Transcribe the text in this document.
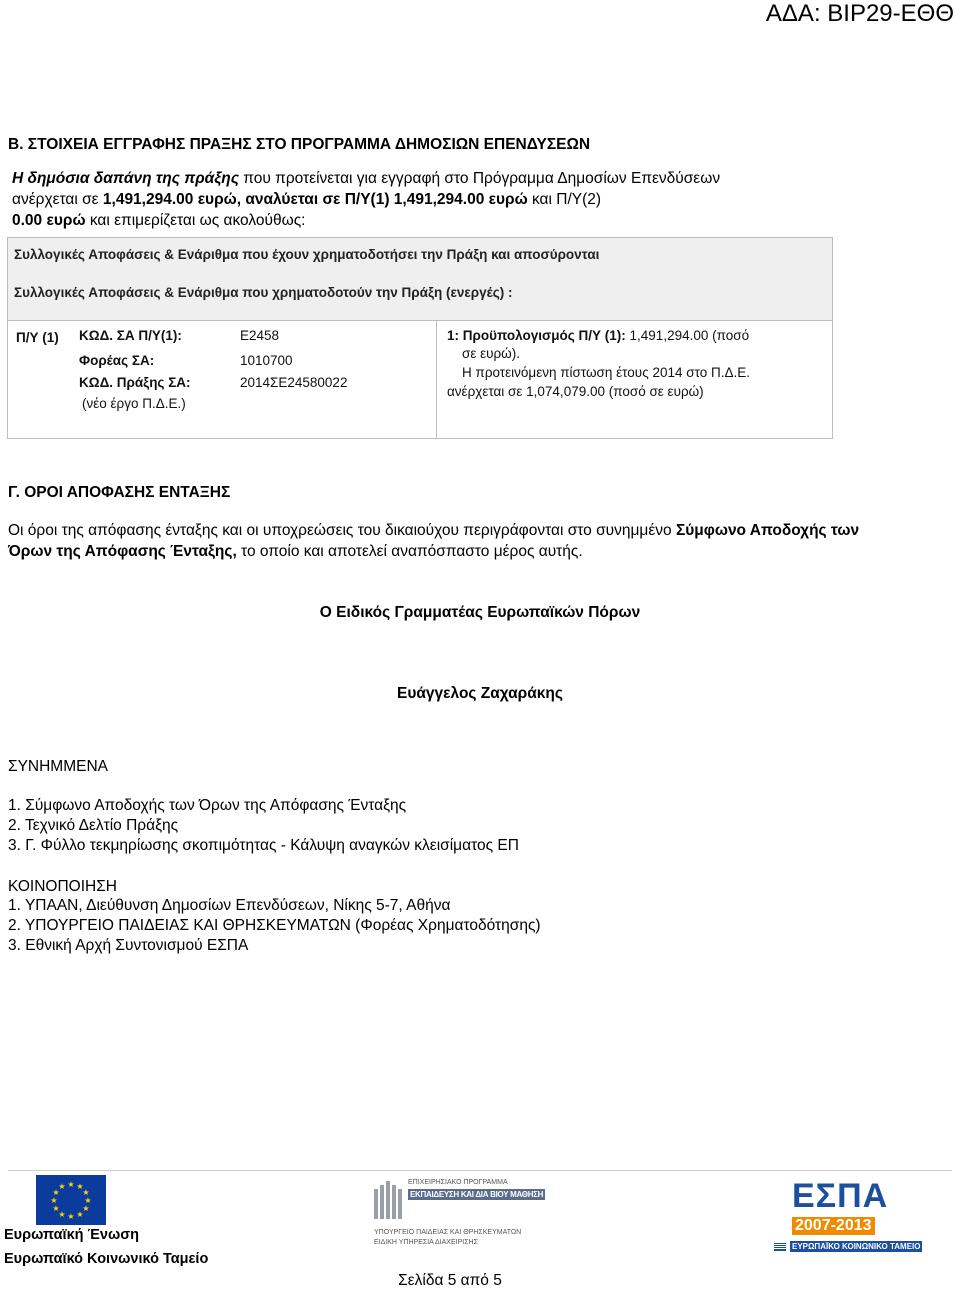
ΑΔΑ: ΒΙΡ29-ΕΘΘ
Β. ΣΤΟΙΧΕΙΑ ΕΓΓΡΑΦΗΣ ΠΡΑΞΗΣ ΣΤΟ ΠΡΟΓΡΑΜΜΑ ΔΗΜΟΣΙΩΝ ΕΠΕΝΔΥΣΕΩΝ

Η δημόσια δαπάνη της πράξης που προτείνεται για εγγραφή στο Πρόγραμμα Δημοσίων Επενδύσεων

ανέρχεται σε 1,491,294.00 ευρώ, αναλύεται σε Π/Υ(1) 1,491,294.00 ευρώ και Π/Υ(2)

0.00 ευρώ και επιμερίζεται ως ακολούθως:

Συλλογικές Αποφάσεις & Ενάριθμα που έχουν χρηματοδοτήσει την Πράξη και αποσύρονται
Συλλογικές Αποφάσεις & Ενάριθμα που χρηματοδοτούν την Πράξη (ενεργές) :
Π/Υ (1) ΚΩΔ. ΣΑ Π/Υ(1):	Ε2458
Φορέας ΣΑ:	1010700
ΚΩΔ. Πράξης ΣΑ:	2014ΣΕ24580022
(νέο έργο Π.Δ.Ε.)
1: Προϋπολογισμός Π/Υ (1): 1,491,294.00 (ποσό
σε ευρώ).
Η προτεινόμενη πίστωση έτους 2014 στο Π.Δ.Ε.
ανέρχεται σε 1,074,079.00 (ποσό σε ευρώ)
Γ. ΟΡΟΙ ΑΠΟΦΑΣΗΣ ΕΝΤΑΞΗΣ

Οι όροι της απόφασης ένταξης και οι υποχρεώσεις του δικαιούχου περιγράφονται στο συνημμένο Σύμφωνο Αποδοχής των

Όρων της Απόφασης Ένταξης, το οποίο και αποτελεί αναπόσπαστο μέρος αυτής.

Ο Ειδικός Γραμματέας Ευρωπαϊκών Πόρων
Ευάγγελος Ζαχαράκης
ΣΥΝΗΜΜΕΝΑ

1. Σύμφωνο Αποδοχής των Όρων της Απόφασης Ένταξης

2. Τεχνικό Δελτίο Πράξης

3. Γ. Φύλλο τεκμηρίωσης σκοπιμότητας - Κάλυψη αναγκών κλεισίματος ΕΠ

ΚΟΙΝΟΠΟΙΗΣΗ

1. ΥΠΑΑΝ, Διεύθυνση Δημοσίων Επενδύσεων, Νίκης 5-7, Αθήνα

2. ΥΠΟΥΡΓΕΙΟ ΠΑΙΔΕΙΑΣ ΚΑΙ ΘΡΗΣΚΕΥΜΑΤΩΝ (Φορέας Χρηματοδότησης)

3. Εθνική Αρχή Συντονισμού ΕΣΠΑ

★ ★
★
★
★
★
★
★
★
★
★
★
Ευρωπαϊκή Ένωση
Ευρωπαϊκό Κοινωνικό Ταμείο
ΕΠΙΧΕΙΡΗΣΙΑΚΟ ΠΡΟΓΡΑΜΜΑ
ΕΚΠΑΙΔΕΥΣΗ ΚΑΙ ΔΙΑ ΒΙΟΥ ΜΑΘΗΣΗ
ΥΠΟΥΡΓΕΙΟ ΠΑΙΔΕΙΑΣ ΚΑΙ ΘΡΗΣΚΕΥΜΑΤΩΝ
ΕΙΔΙΚΗ ΥΠΗΡΕΣΙΑ ΔΙΑΧΕΙΡΙΣΗΣ
ΕΣΠΑ
2007-2013
ΕΥΡΩΠΑΪΚΟ ΚΟΙΝΩΝΙΚΟ ΤΑΜΕΙΟ
Σελίδα 5 από 5
